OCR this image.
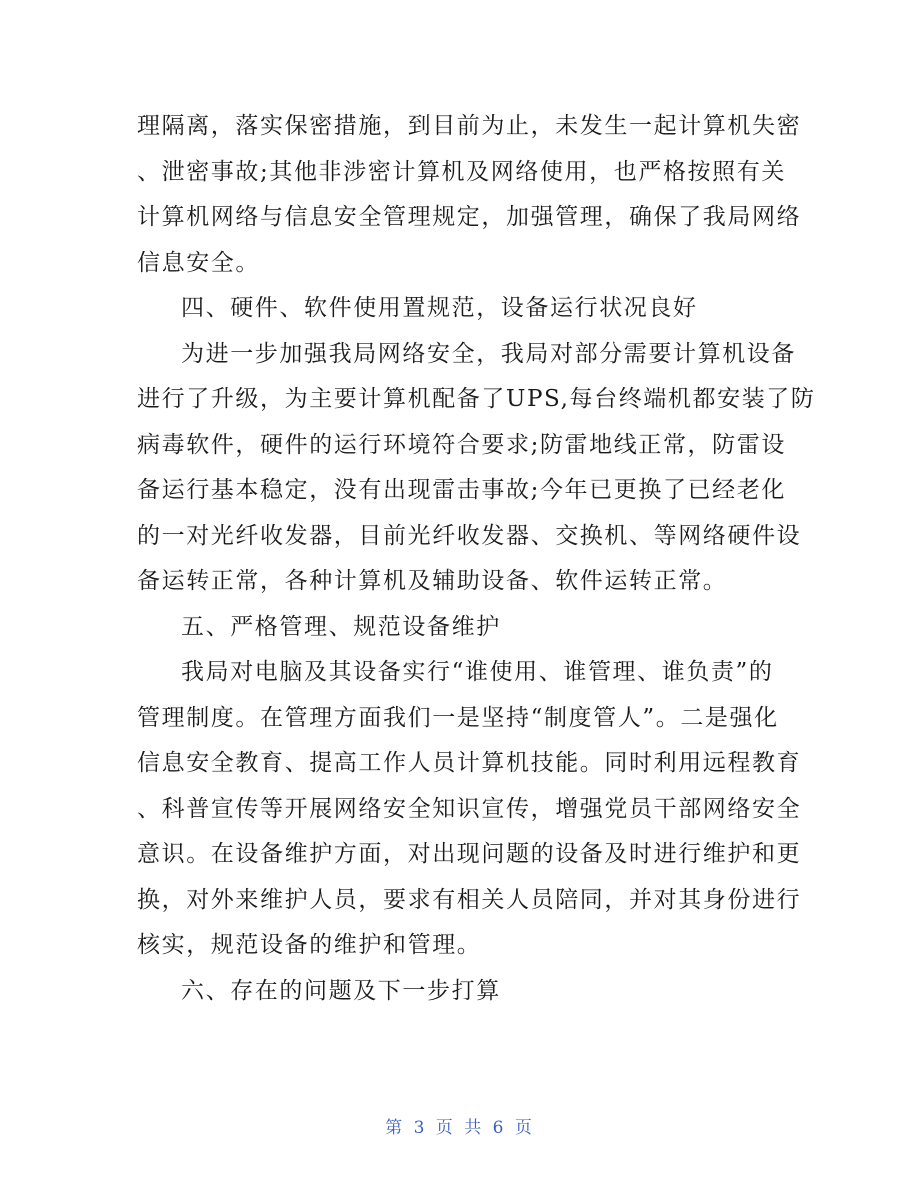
理隔离，落实保密措施，到目前为止，未发生一起计算机失密
、泄密事故;其他非涉密计算机及网络使用，也严格按照有关
计算机网络与信息安全管理规定，加强管理，确保了我局网络
信息安全。
四、硬件、软件使用置规范，设备运行状况良好
为进一步加强我局网络安全，我局对部分需要计算机设备
进行了升级，为主要计算机配备了UPS,每台终端机都安装了防
病毒软件，硬件的运行环境符合要求;防雷地线正常，防雷设
备运行基本稳定，没有出现雷击事故;今年已更换了已经老化
的一对光纤收发器，目前光纤收发器、交换机、等网络硬件设
备运转正常，各种计算机及辅助设备、软件运转正常。
五、严格管理、规范设备维护
我局对电脑及其设备实行“谁使用、谁管理、谁负责”的
管理制度。在管理方面我们一是坚持“制度管人”。二是强化
信息安全教育、提高工作人员计算机技能。同时利用远程教育
、科普宣传等开展网络安全知识宣传，增强党员干部网络安全
意识。在设备维护方面，对出现问题的设备及时进行维护和更
换，对外来维护人员，要求有相关人员陪同，并对其身份进行
核实，规范设备的维护和管理。
六、存在的问题及下一步打算
第 3 页 共 6 页
